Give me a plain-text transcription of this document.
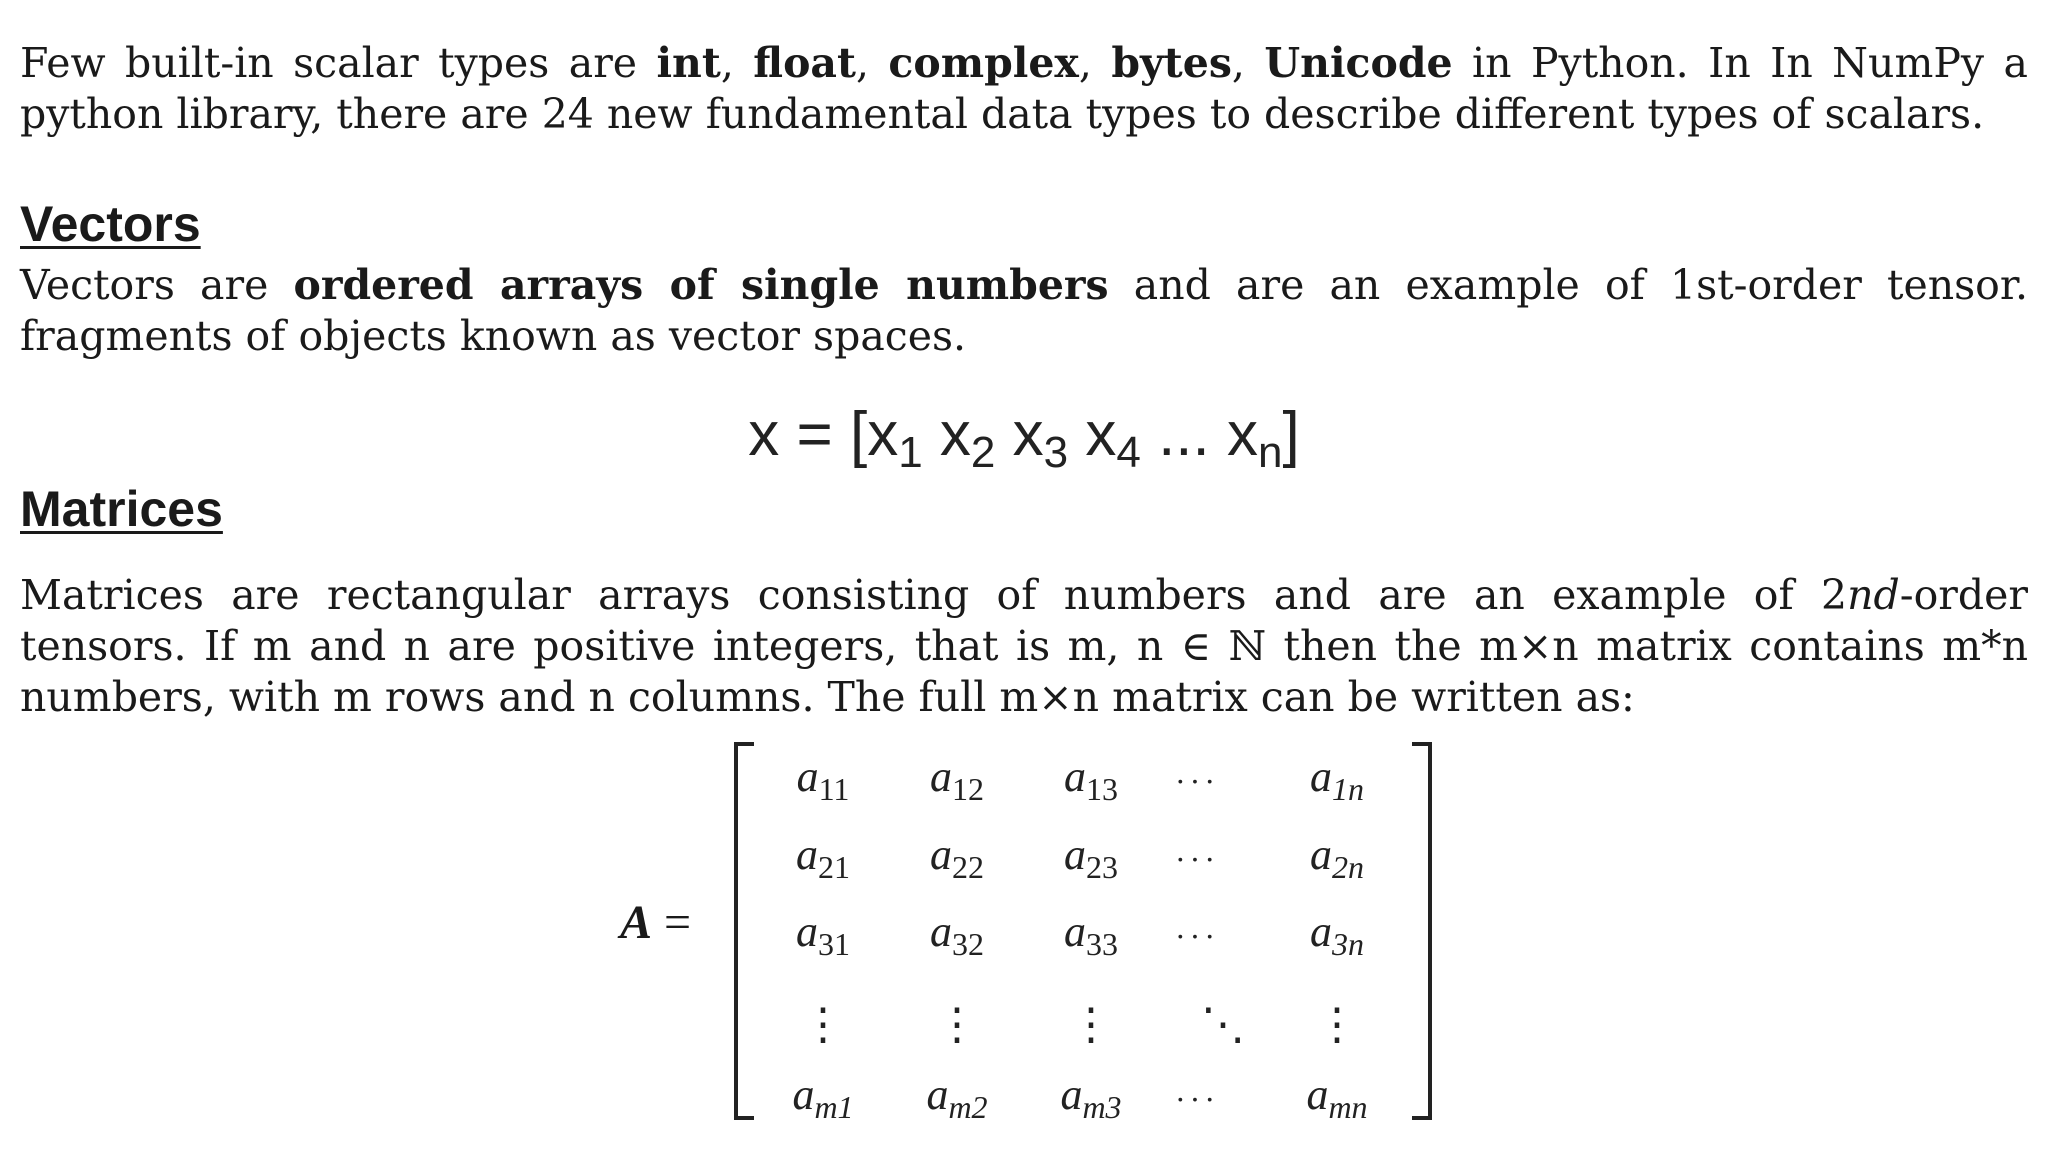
Few built-in scalar types are int, float, complex, bytes, Unicode in Python. In In NumPy a python library, there are 24 new fundamental data types to describe different types of scalars.

Vectors

Vectors are ordered arrays of single numbers and are an example of 1st-order tensor. fragments of objects known as vector spaces.

$x = [x_1$ $x_2$ $x_3$ $x_4$ ... $x_n$]
Matrices

Matrices are rectangular arrays consisting of numbers and are an example of 2nd-order tensors. If m and n are positive integers, that is m, n ∈ ℕ then the m×n matrix contains m*n numbers, with m rows and n columns. The full m×n matrix can be written as:

A =
$a_{11}$	$a_{12}$	$a_{13}$	···	$a_{1n}$
$a_{21}$	$a_{22}$	$a_{23}$	···	$a_{2n}$
$a_{31}$	$a_{32}$	$a_{33}$	···	$a_{3n}$
⋮	⋮	⋮	⋱	⋮
$a_{m1}$	$a_{m2}$	$a_{m3}$	···	$a_{mn}$
